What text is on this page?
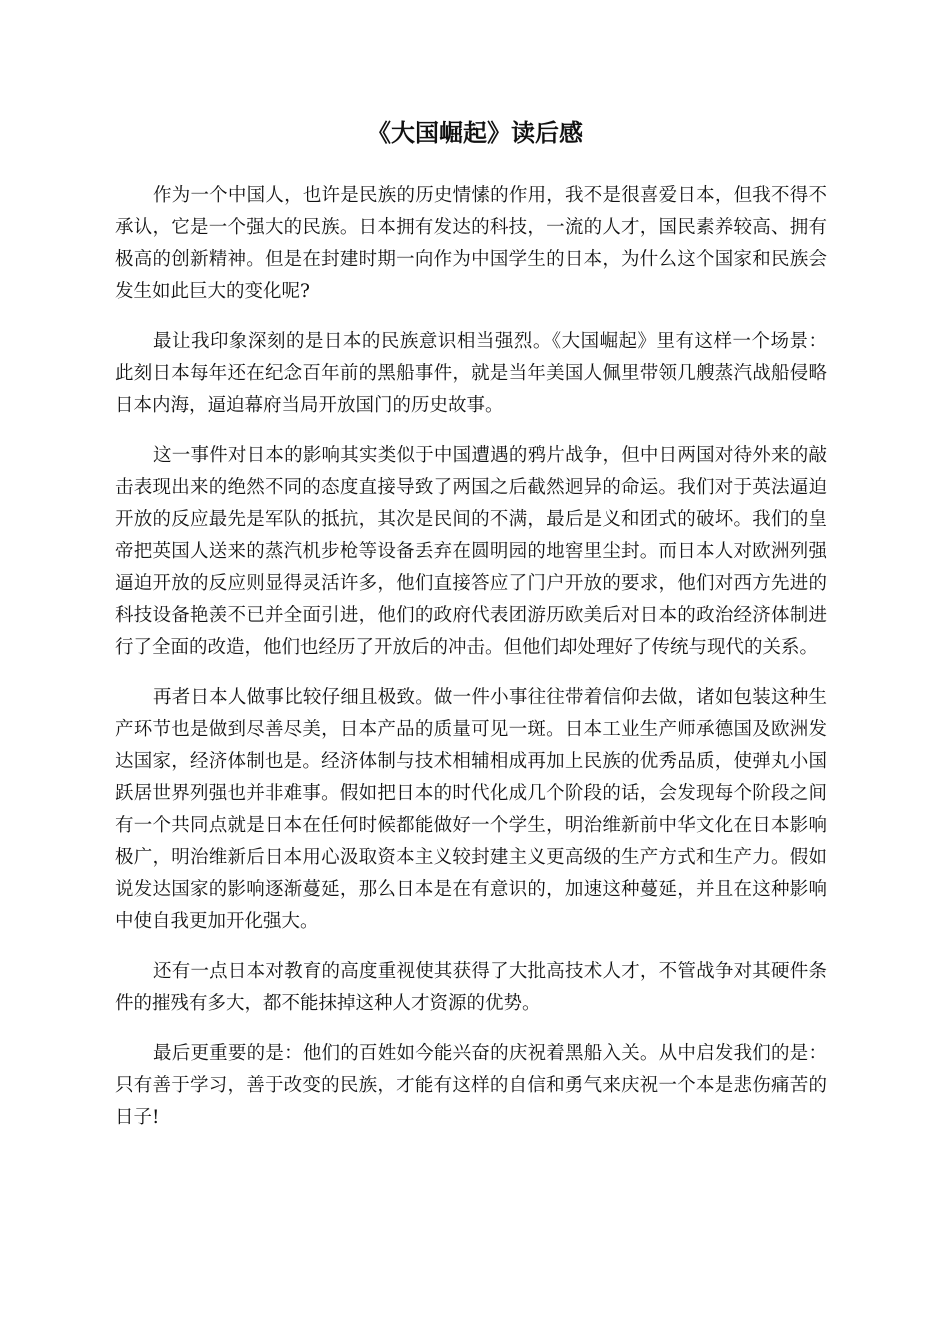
《大国崛起》读后感

作为一个中国人，也许是民族的历史情愫的作用，我不是很喜爱日本，但我不得不承认，它是一个强大的民族。日本拥有发达的科技，一流的人才，国民素养较高、拥有极高的创新精神。但是在封建时期一向作为中国学生的日本，为什么这个国家和民族会发生如此巨大的变化呢?

最让我印象深刻的是日本的民族意识相当强烈。《大国崛起》里有这样一个场景：此刻日本每年还在纪念百年前的黑船事件，就是当年美国人佩里带领几艘蒸汽战船侵略日本内海，逼迫幕府当局开放国门的历史故事。

这一事件对日本的影响其实类似于中国遭遇的鸦片战争，但中日两国对待外来的敲击表现出来的绝然不同的态度直接导致了两国之后截然迥异的命运。我们对于英法逼迫开放的反应最先是军队的抵抗，其次是民间的不满，最后是义和团式的破坏。我们的皇帝把英国人送来的蒸汽机步枪等设备丢弃在圆明园的地窖里尘封。而日本人对欧洲列强逼迫开放的反应则显得灵活许多，他们直接答应了门户开放的要求，他们对西方先进的科技设备艳羡不已并全面引进，他们的政府代表团游历欧美后对日本的政治经济体制进行了全面的改造，他们也经历了开放后的冲击。但他们却处理好了传统与现代的关系。

再者日本人做事比较仔细且极致。做一件小事往往带着信仰去做，诸如包装这种生产环节也是做到尽善尽美，日本产品的质量可见一斑。日本工业生产师承德国及欧洲发达国家，经济体制也是。经济体制与技术相辅相成再加上民族的优秀品质，使弹丸小国跃居世界列强也并非难事。假如把日本的时代化成几个阶段的话，会发现每个阶段之间有一个共同点就是日本在任何时候都能做好一个学生，明治维新前中华文化在日本影响极广，明治维新后日本用心汲取资本主义较封建主义更高级的生产方式和生产力。假如说发达国家的影响逐渐蔓延，那么日本是在有意识的，加速这种蔓延，并且在这种影响中使自我更加开化强大。

还有一点日本对教育的高度重视使其获得了大批高技术人才，不管战争对其硬件条件的摧残有多大，都不能抹掉这种人才资源的优势。

最后更重要的是：他们的百姓如今能兴奋的庆祝着黑船入关。从中启发我们的是：只有善于学习，善于改变的民族，才能有这样的自信和勇气来庆祝一个本是悲伤痛苦的日子!
